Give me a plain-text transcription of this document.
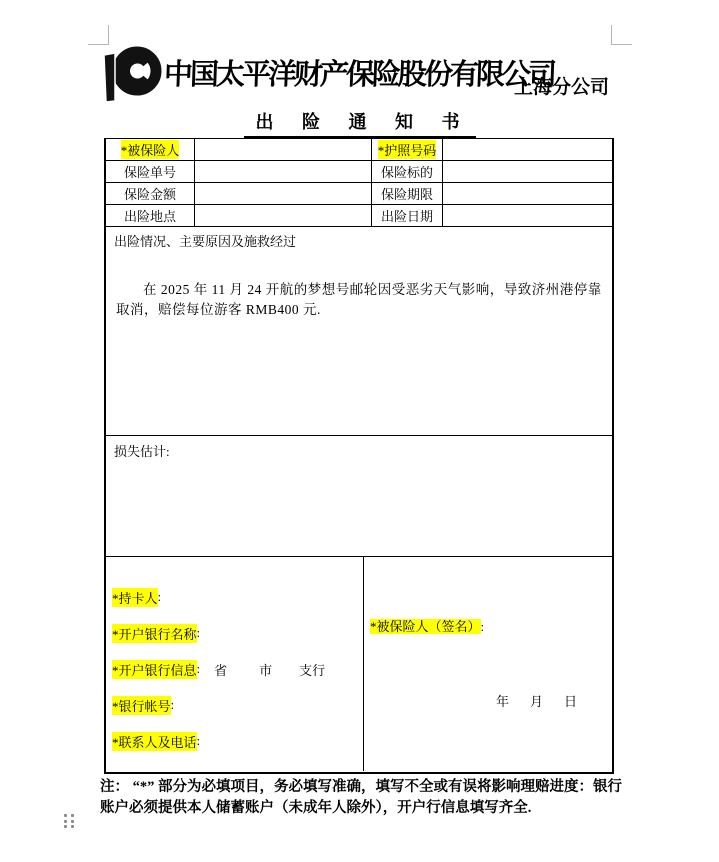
中国太平洋财产保险股份有限公司
上海分公司
出 险 通 知 书
*被保险人	*护照号码
保险单号	保险标的
保险金额	保险期限
出险地点	出险日期
出险情况、主要原因及施救经过

在 2025 年 11 月 24 开航的梦想号邮轮因受恶劣天气影响，导致济州港停靠取消，赔偿每位游客 RMB400 元.

损失估计:
*持卡人 :
*开户银行名称 :
*开户银行信息 : 省 市 支行
*银行帐号 :
*联系人及电话 :
*被保险人（签名）:
年 月 日
注： “*” 部分为必填项目，务必填写准确，填写不全或有误将影响理赔进度：银行账户必须提供本人储蓄账户（未成年人除外），开户行信息填写齐全.
